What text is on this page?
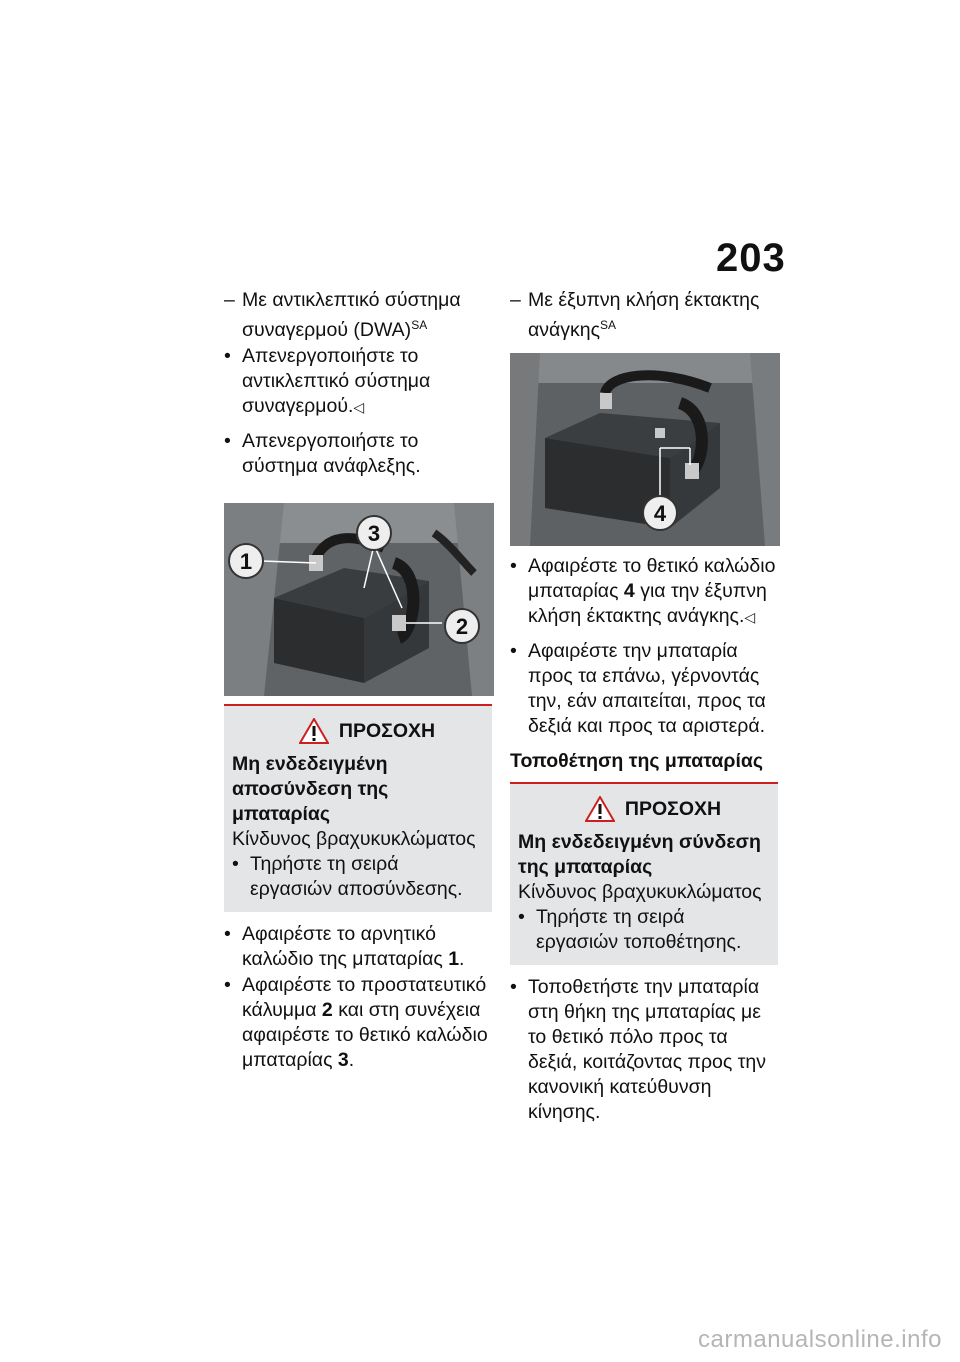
203
– Με αντικλεπτικό σύστημα συναγερμού (DWA)$^{SA}$
• Απενεργοποιήστε το αντικλεπτικό σύστημα συναγερμού.◁
• Απενεργοποιήστε το σύστημα ανάφλεξης.
1
3
2
ΠΡΟΣΟΧΗ
Μη ενδεδειγμένη αποσύνδεση της μπαταρίας
Κίνδυνος βραχυκυκλώματος
• Τηρήστε τη σειρά εργασιών αποσύνδεσης.
• Αφαιρέστε το αρνητικό καλώδιο της μπαταρίας 1.
• Αφαιρέστε το προστατευτικό κάλυμμα 2 και στη συνέχεια αφαιρέστε το θετικό καλώδιο μπαταρίας 3.
– Με έξυπνη κλήση έκτακτης ανάγκης$^{SA}$
4
• Αφαιρέστε το θετικό καλώδιο μπαταρίας 4 για την έξυπνη κλήση έκτακτης ανάγκης.◁
• Αφαιρέστε την μπαταρία προς τα επάνω, γέρνοντάς την, εάν απαιτείται, προς τα δεξιά και προς τα αριστερά.
Τοποθέτηση της μπαταρίας
ΠΡΟΣΟΧΗ
Μη ενδεδειγμένη σύνδεση της μπαταρίας
Κίνδυνος βραχυκυκλώματος
• Τηρήστε τη σειρά εργασιών τοποθέτησης.
• Τοποθετήστε την μπαταρία στη θήκη της μπαταρίας με το θετικό πόλο προς τα δεξιά, κοιτάζοντας προς την κανονική κατεύθυνση κίνησης.
carmanualsonline.info
